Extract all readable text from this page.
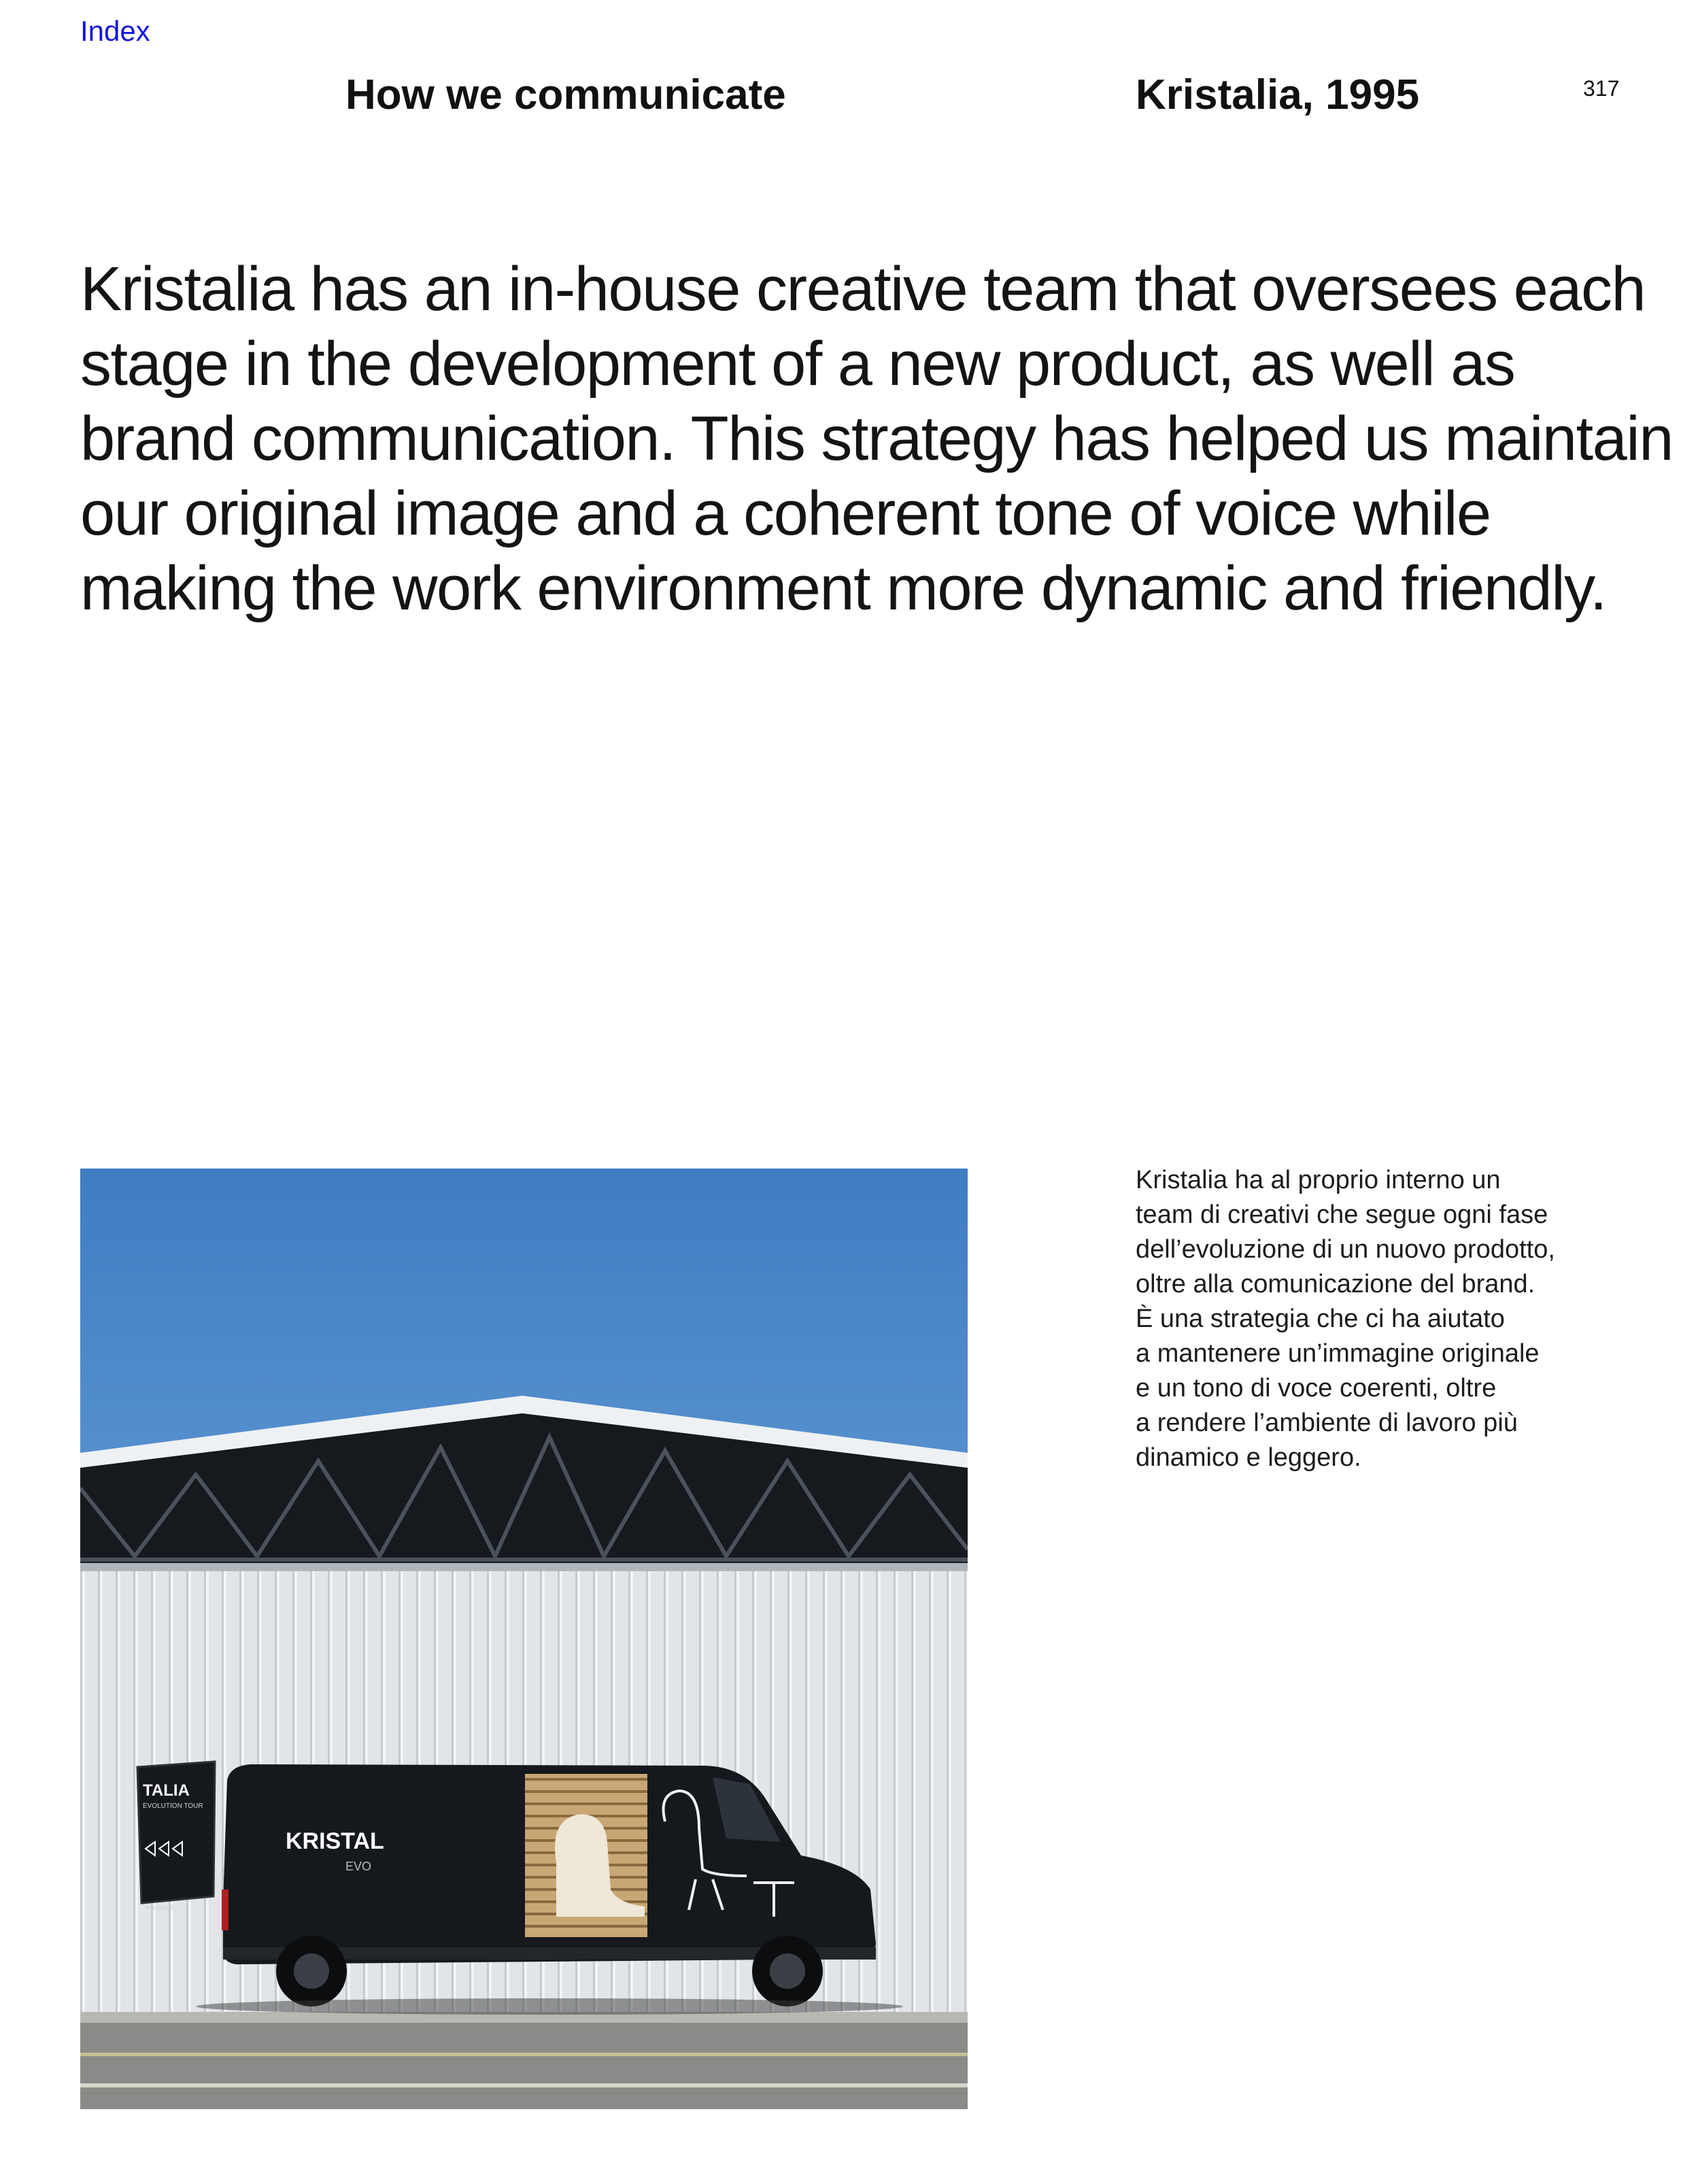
Index
How we communicate	Kristalia, 1995	317

Kristalia has an in-house creative team that oversees each
stage in the development of a new product, as well as
brand communication. This strategy has helped us maintain
our original image and a coherent tone of voice while
making the work environment more dynamic and friendly.

TALIA
EVOLUTION TOUR
kristalia.it
KRISTAL
EVO

Kristalia ha al proprio interno un
team di creativi che segue ogni fase
dell’evoluzione di un nuovo prodotto,
oltre alla comunicazione del brand.
È una strategia che ci ha aiutato
a mantenere un’immagine originale
e un tono di voce coerenti, oltre
a rendere l’ambiente di lavoro più
dinamico e leggero.
